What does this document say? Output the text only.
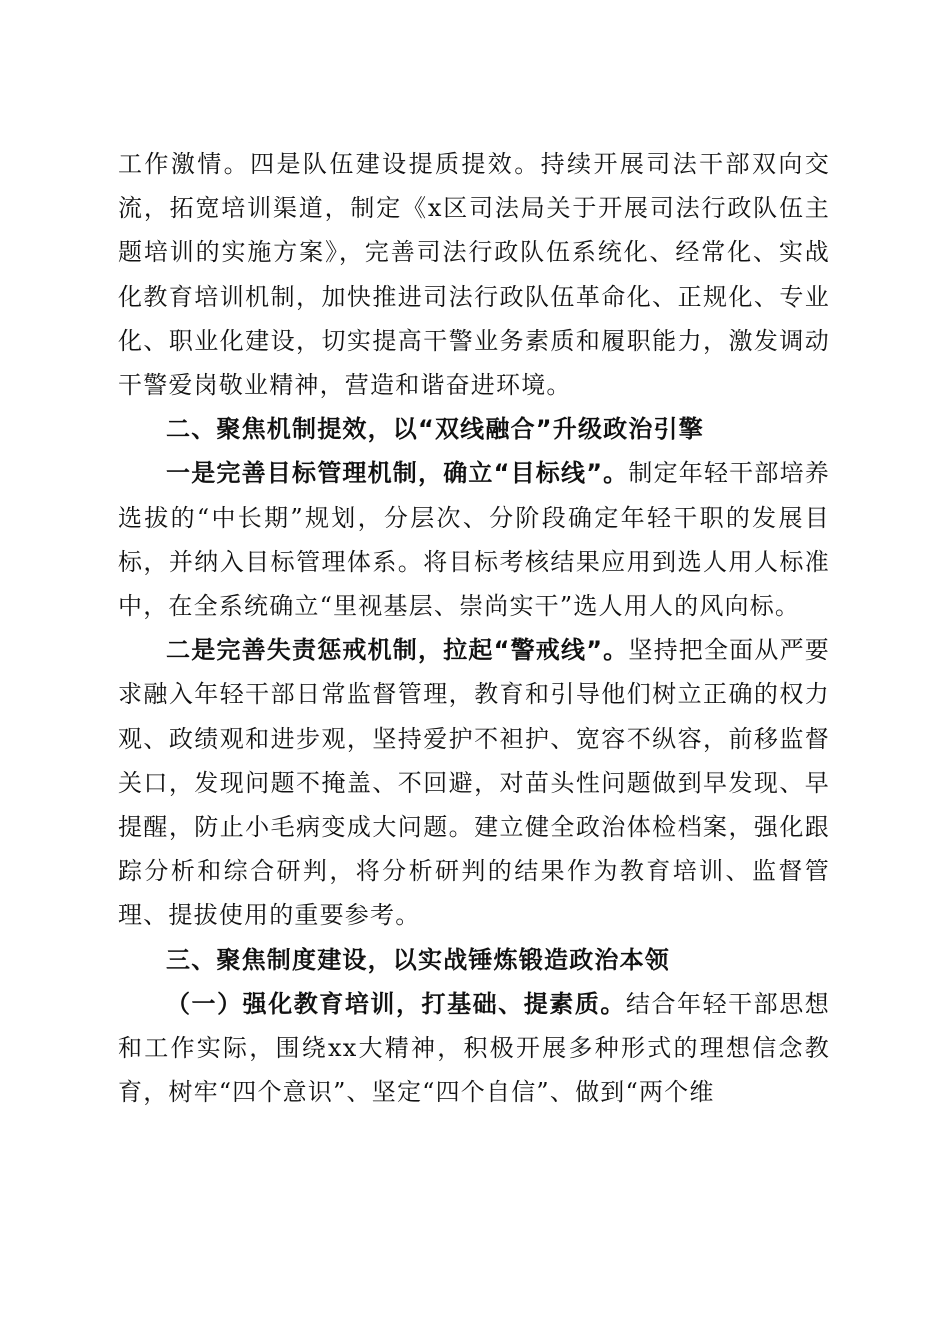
工作激情。四是队伍建设提质提效。持续开展司法干部双向交流，拓宽培训渠道，制定《x区司法局关于开展司法行政队伍主题培训的实施方案》，完善司法行政队伍系统化、经常化、实战化教育培训机制，加快推进司法行政队伍革命化、正规化、专业化、职业化建设，切实提高干警业务素质和履职能力，激发调动干警爱岗敬业精神，营造和谐奋进环境。

二、聚焦机制提效，以“双线融合”升级政治引擎

一是完善目标管理机制，确立“目标线”。制定年轻干部培养选拔的“中长期”规划，分层次、分阶段确定年轻干职的发展目标，并纳入目标管理体系。将目标考核结果应用到选人用人标准中，在全系统确立“里视基层、崇尚实干”选人用人的风向标。

二是完善失责惩戒机制，拉起“警戒线”。坚持把全面从严要求融入年轻干部日常监督管理，教育和引导他们树立正确的权力观、政绩观和进步观，坚持爱护不袒护、宽容不纵容，前移监督关口，发现问题不掩盖、不回避，对苗头性问题做到早发现、早提醒，防止小毛病变成大问题。建立健全政治体检档案，强化跟踪分析和综合研判，将分析研判的结果作为教育培训、监督管理、提拔使用的重要参考。

三、聚焦制度建设，以实战锤炼锻造政治本领

（一）强化教育培训，打基础、提素质。结合年轻干部思想和工作实际，围绕xx大精神，积极开展多种形式的理想信念教育，树牢“四个意识”、坚定“四个自信”、做到“两个维
